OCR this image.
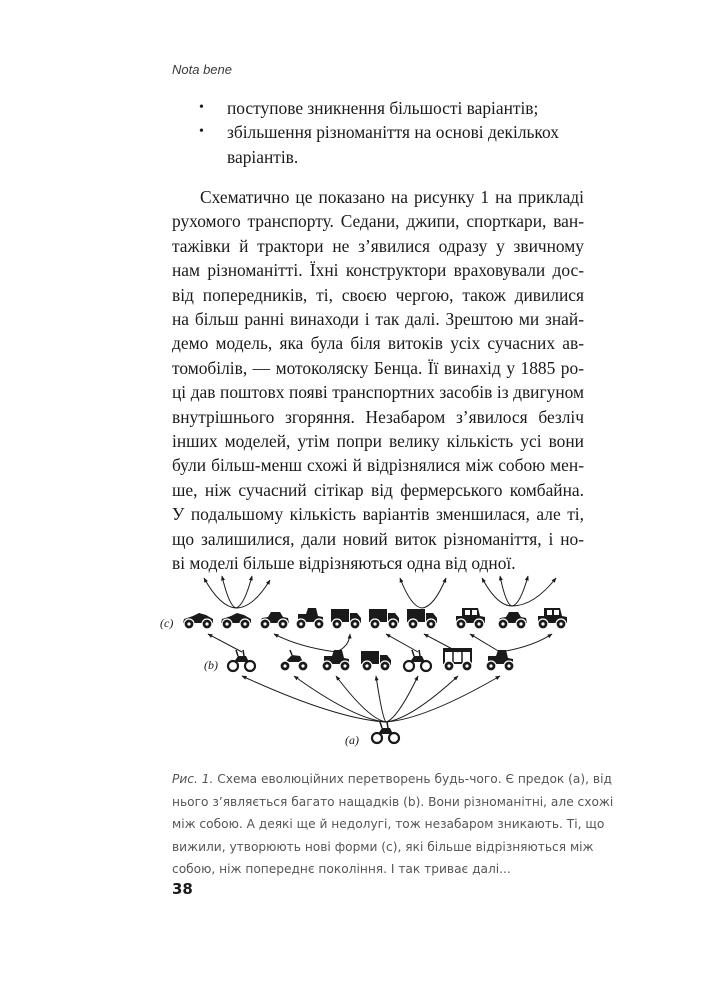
Nota bene
• поступове зникнення більшості варіантів;
• збільшення різноманіття на основі декількох
варіантів.

Схематично це показано на рисунку 1 на прикладі
рухомого транспорту. Седани, джипи, спорткари, ван-
тажівки й трактори не з’явилися одразу у звичному
нам різноманітті. Їхні конструктори враховували дос-
від попередників, ті, своєю чергою, також дивилися
на більш ранні винаходи і так далі. Зрештою ми знай-
демо модель, яка була біля витоків усіх сучасних ав-
томобілів, — мотоколяску Бенца. Її винахід у 1885 ро-
ці дав поштовх появі транспортних засобів із двигуном
внутрішнього згоряння. Незабаром з’явилося безліч
інших моделей, утім попри велику кількість усі вони
були більш-менш схожі й відрізнялися між собою мен-
ше, ніж сучасний сітікар від фермерського комбайна.
У подальшому кількість варіантів зменшилася, але ті,
що залишилися, дали новий виток різноманіття, і но-
ві моделі більше відрізняються одна від одної.

(c)
(b)
(a)

Рис. 1. Схема еволюційних перетворень будь-чого. Є предок (a), від
нього з’являється багато нащадків (b). Вони різноманітні, але схожі
між собою. А деякі ще й недолугі, тож незабаром зникають. Ті, що
вижили, утворюють нові форми (c), які більше відрізняються між
собою, ніж попереднє покоління. І так триває далі...

38
